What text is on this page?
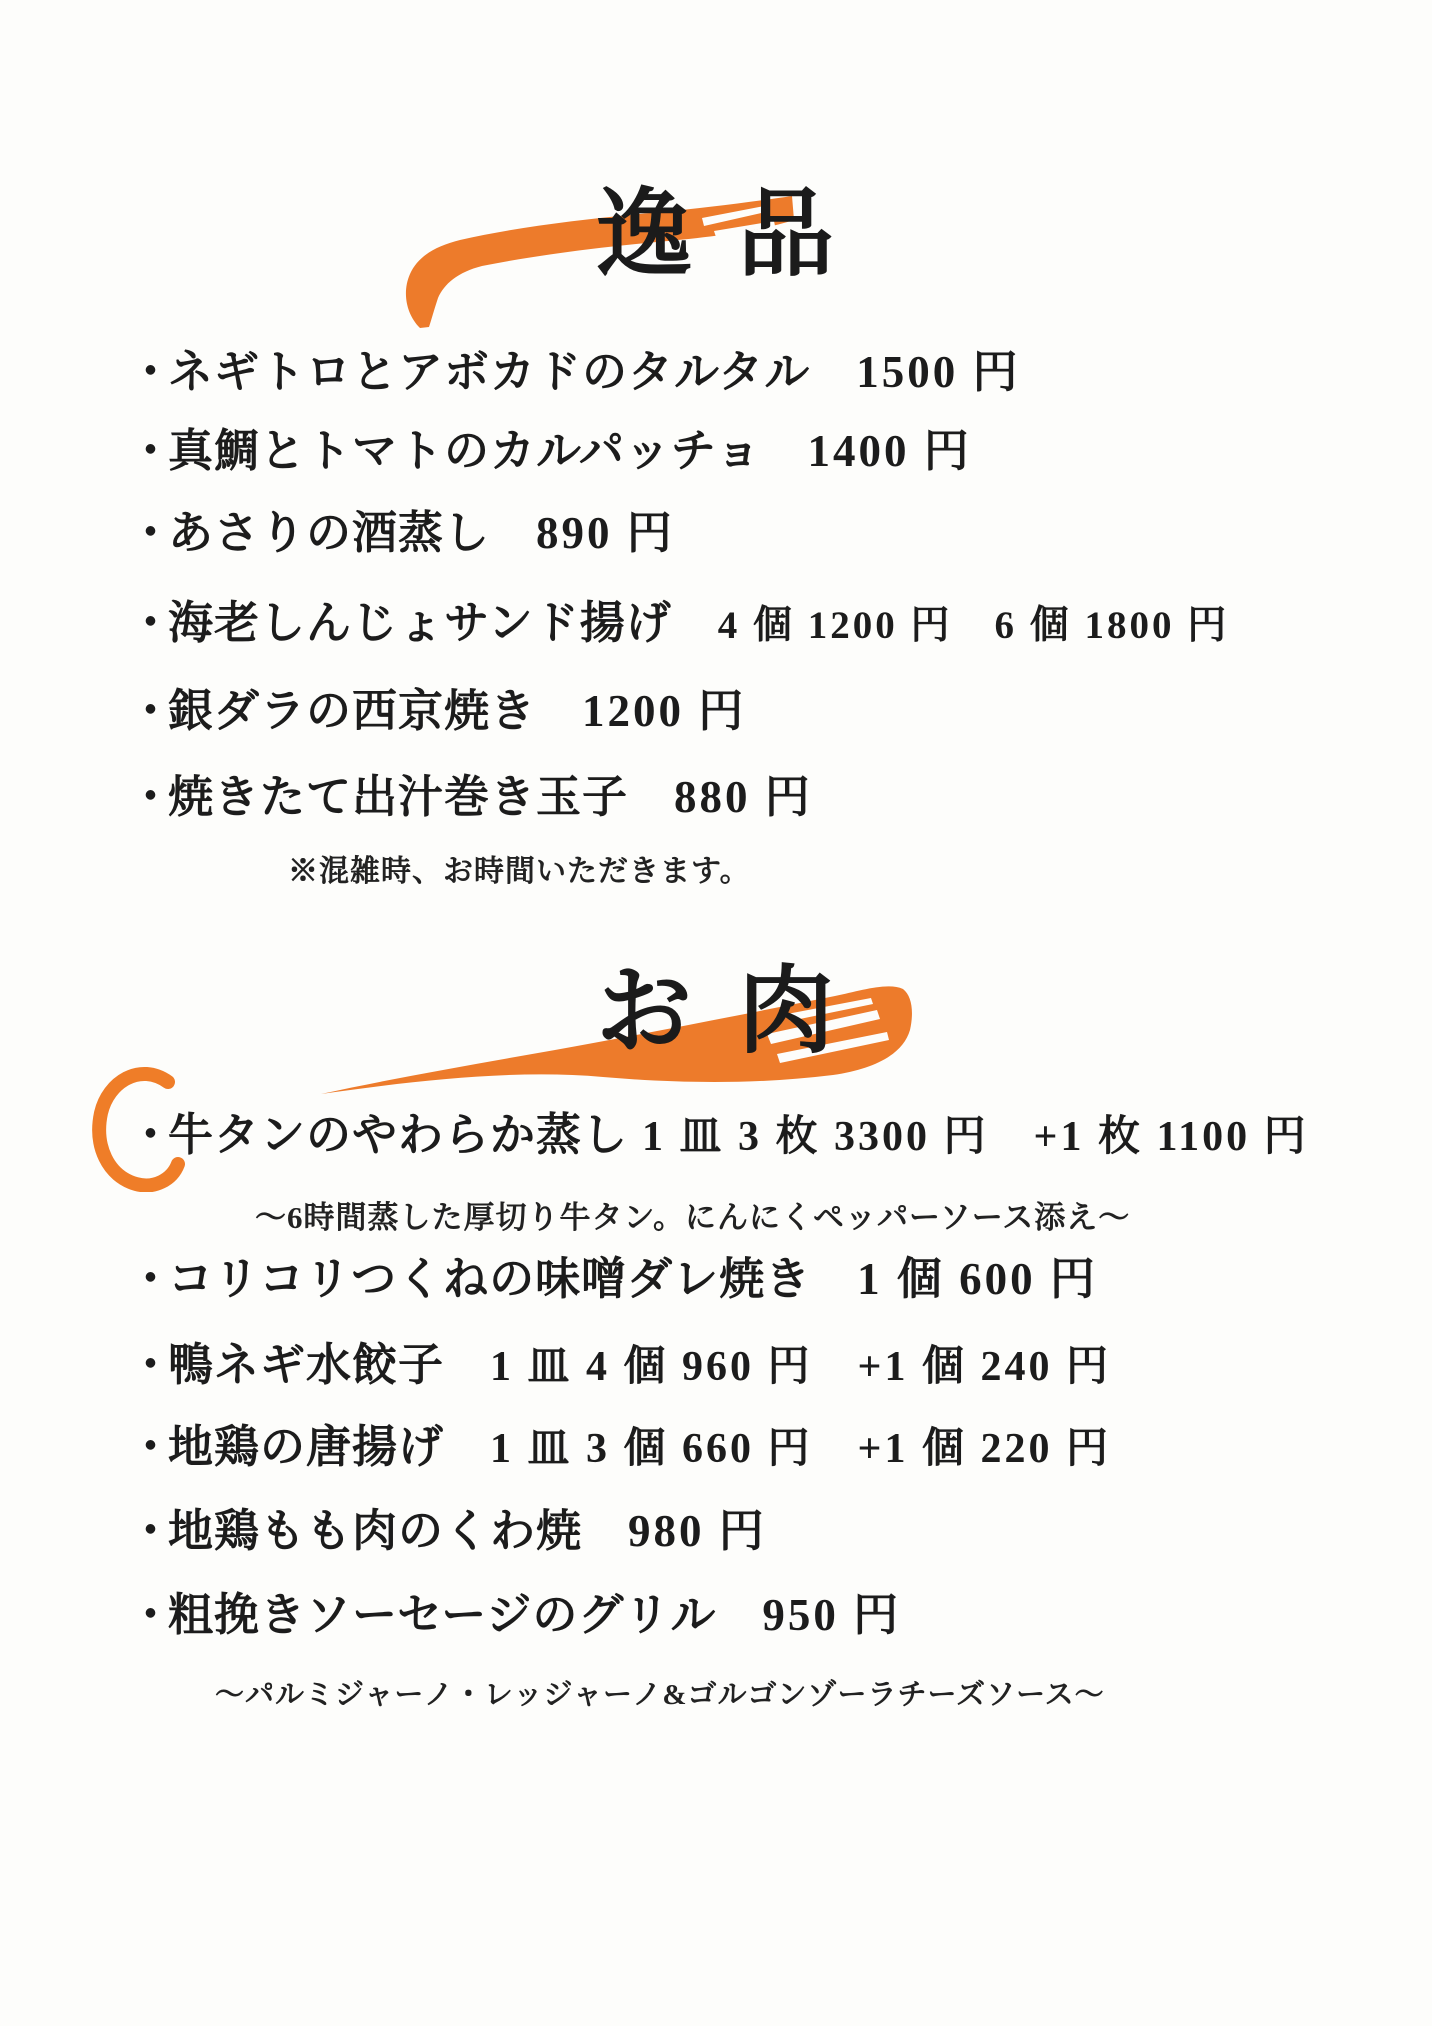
逸品
・ネギトロとアボカドのタルタル 1500 円
・真鯛とトマトのカルパッチョ 1400 円
・あさりの酒蒸し 890 円
・海老しんじょサンド揚げ 4 個 1200 円　6 個 1800 円
・銀ダラの西京焼き 1200 円
・焼きたて出汁巻き玉子 880 円
※混雑時、お時間いただきます。
お肉
・牛タンのやわらか蒸し 1 皿 3 枚 3300 円　+1 枚 1100 円
〜6時間蒸した厚切り牛タン。にんにくペッパーソース添え〜
・コリコリつくねの味噌ダレ焼き 1 個 600 円
・鴨ネギ水餃子 1 皿 4 個 960 円　+1 個 240 円
・地鶏の唐揚げ 1 皿 3 個 660 円　+1 個 220 円
・地鶏もも肉のくわ焼 980 円
・粗挽きソーセージのグリル 950 円
〜パルミジャーノ・レッジャーノ&ゴルゴンゾーラチーズソース〜
